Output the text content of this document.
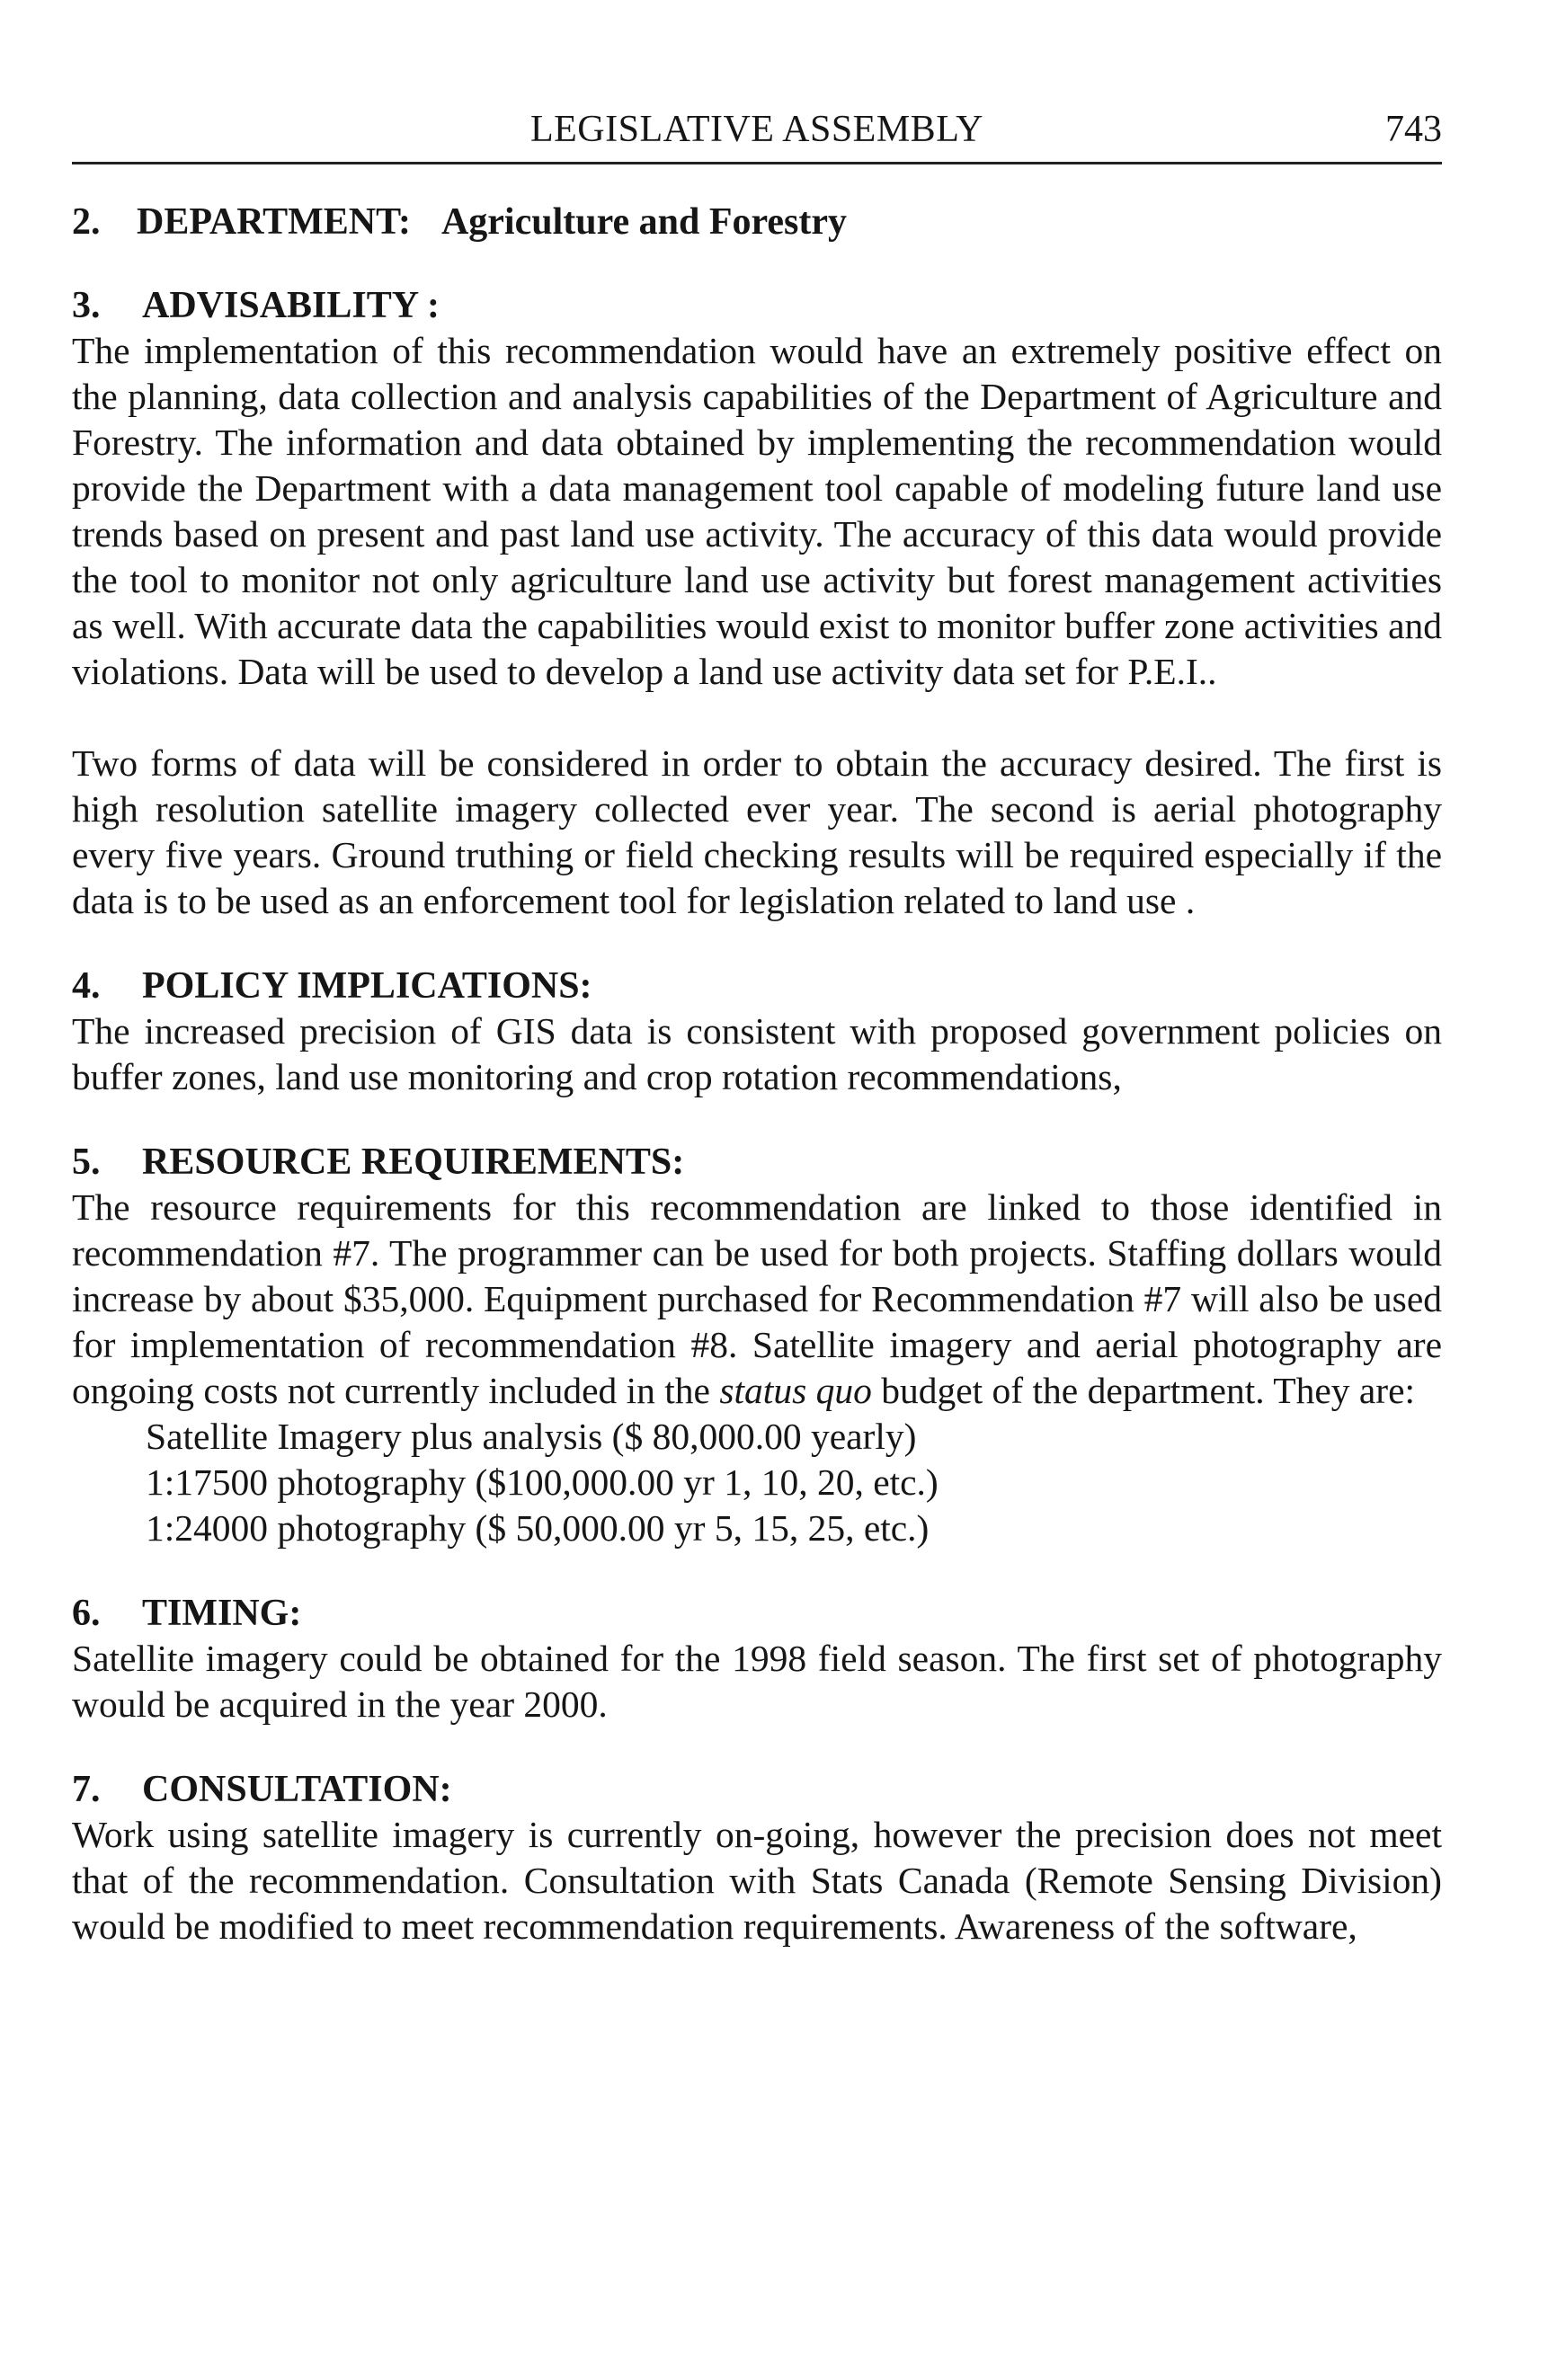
LEGISLATIVE ASSEMBLY	743
2. DEPARTMENT: Agriculture and Forestry
3.	ADVISABILITY :

The implementation of this recommendation would have an extremely positive effect on the planning, data collection and analysis capabilities of the Department of Agriculture and Forestry. The information and data obtained by implementing the recommendation would provide the Department with a data management tool capable of modeling future land use trends based on present and past land use activity. The accuracy of this data would provide the tool to monitor not only agriculture land use activity but forest management activities as well. With accurate data the capabilities would exist to monitor buffer zone activities and violations. Data will be used to develop a land use activity data set for P.E.I..

Two forms of data will be considered in order to obtain the accuracy desired. The first is high resolution satellite imagery collected ever year. The second is aerial photography every five years. Ground truthing or field checking results will be required especially if the data is to be used as an enforcement tool for legislation related to land use .

4.	POLICY IMPLICATIONS:

The increased precision of GIS data is consistent with proposed government policies on buffer zones, land use monitoring and crop rotation recommendations,

5.	RESOURCE REQUIREMENTS:

The resource requirements for this recommendation are linked to those identified in recommendation #7. The programmer can be used for both projects. Staffing dollars would increase by about $35,000. Equipment purchased for Recommendation #7 will also be used for implementation of recommendation #8. Satellite imagery and aerial photography are ongoing costs not currently included in the status quo budget of the department. They are:

Satellite Imagery plus analysis ($ 80,000.00 yearly)
1:17500 photography ($100,000.00 yr 1, 10, 20, etc.)
1:24000 photography ($ 50,000.00 yr 5, 15, 25, etc.)
6.	TIMING:

Satellite imagery could be obtained for the 1998 field season. The first set of photography would be acquired in the year 2000.

7.	CONSULTATION:

Work using satellite imagery is currently on-going, however the precision does not meet that of the recommendation. Consultation with Stats Canada (Remote Sensing Division) would be modified to meet recommendation requirements. Awareness of the software,
